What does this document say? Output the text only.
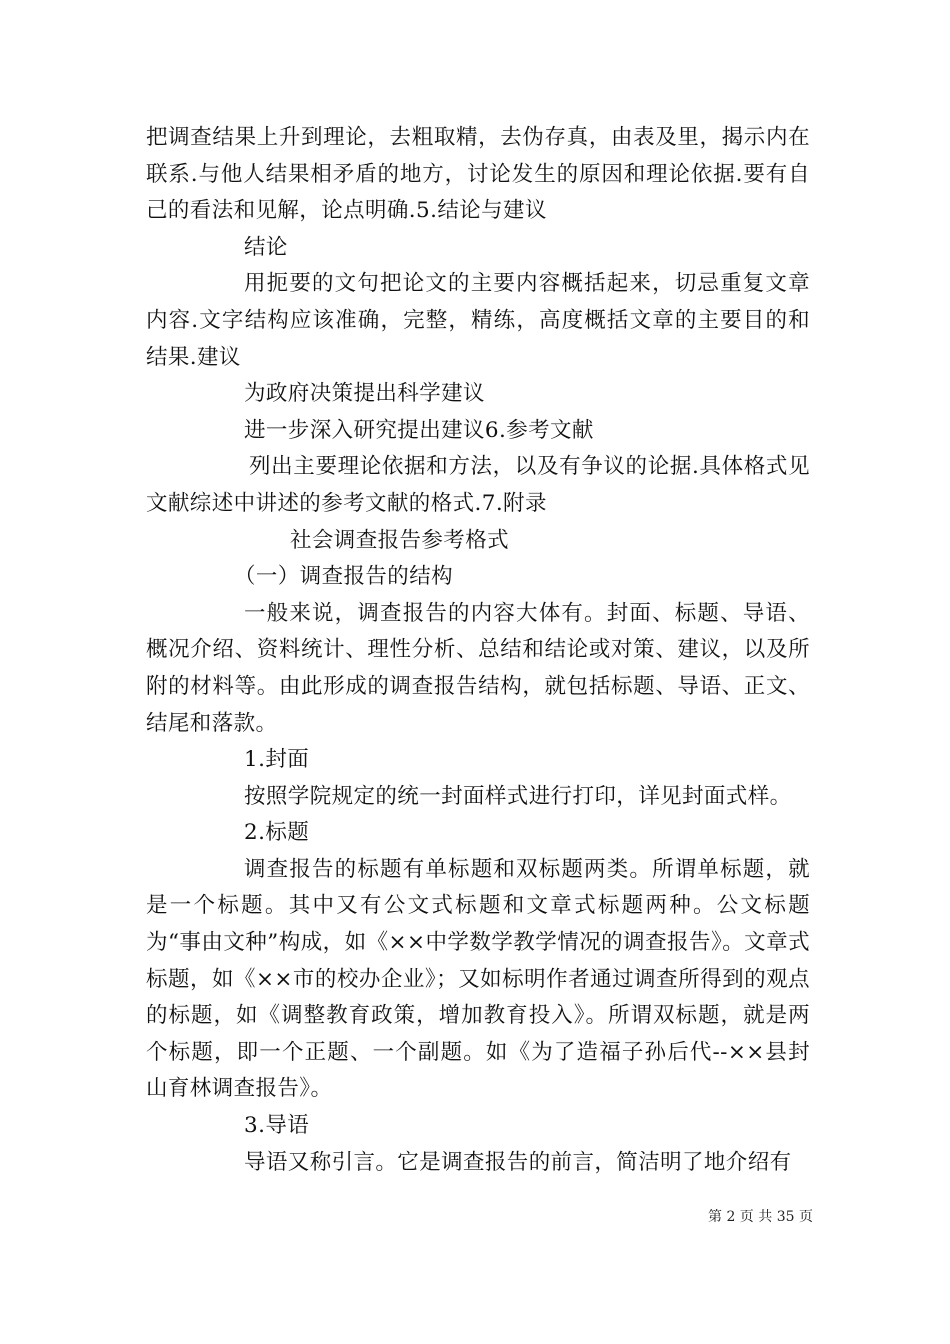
把调查结果上升到理论，去粗取精，去伪存真，由表及里，揭示内在联系.与他人结果相矛盾的地方，讨论发生的原因和理论依据.要有自己的看法和见解，论点明确.5.结论与建议

结论

用扼要的文句把论文的主要内容概括起来，切忌重复文章内容.文字结构应该准确，完整，精练，高度概括文章的主要目的和结果.建议

为政府决策提出科学建议

进一步深入研究提出建议6.参考文献

列出主要理论依据和方法，以及有争议的论据.具体格式见文献综述中讲述的参考文献的格式.7.附录

社会调查报告参考格式

（一）调查报告的结构

一般来说，调查报告的内容大体有。封面、标题、导语、概况介绍、资料统计、理性分析、总结和结论或对策、建议，以及所附的材料等。由此形成的调查报告结构，就包括标题、导语、正文、结尾和落款。

1.封面

按照学院规定的统一封面样式进行打印，详见封面式样。

2.标题

调查报告的标题有单标题和双标题两类。所谓单标题，就是一个标题。其中又有公文式标题和文章式标题两种。公文标题为“事由文种”构成，如《××中学数学教学情况的调查报告》。文章式标题，如《××市的校办企业》；又如标明作者通过调查所得到的观点的标题，如《调整教育政策，增加教育投入》。所谓双标题，就是两个标题，即一个正题、一个副题。如《为了造福子孙后代--××县封山育林调查报告》。

3.导语

导语又称引言。它是调查报告的前言，简洁明了地介绍有

第 2 页 共 35 页
